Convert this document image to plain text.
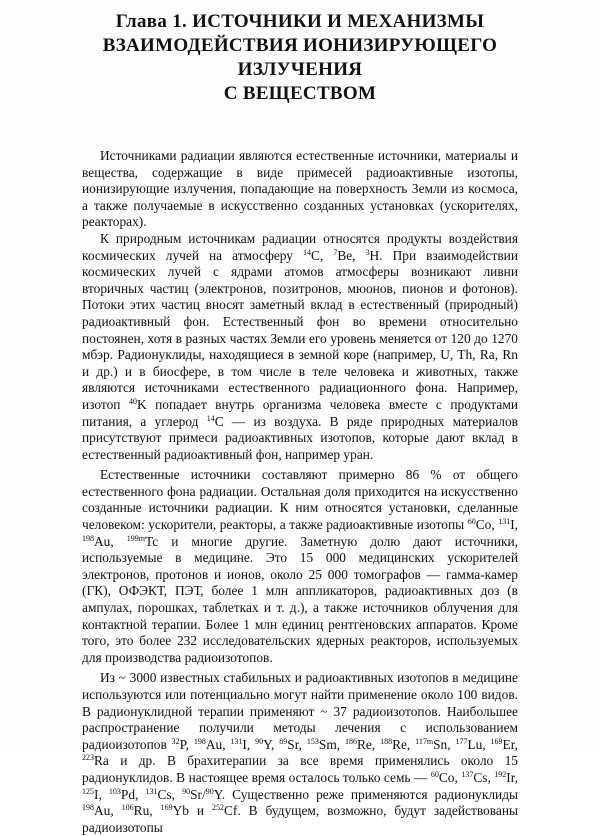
Глава 1. ИСТОЧНИКИ И МЕХАНИЗМЫ
ВЗАИМОДЕЙСТВИЯ ИОНИЗИРУЮЩЕГО ИЗЛУЧЕНИЯ
С ВЕЩЕСТВОМ

Источниками радиации являются естественные источники, материалы и вещества, содержащие в виде примесей радиоактивные изотопы, ионизирующие излучения, попадающие на поверхность Земли из космоса, а также получаемые в искусственно созданных установках (ускорителях, реакторах).

К природным источникам радиации относятся продукты воздействия космических лучей на атмосферу $^{14}$C, $^7$Be, $^3$H. При взаимодействии космических лучей с ядрами атомов атмосферы возникают ливни вторичных частиц (электронов, позитронов, мюонов, пионов и фотонов). Потоки этих частиц вносят заметный вклад в естественный (природный) радиоактивный фон. Естественный фон во времени относительно постоянен, хотя в разных частях Земли его уровень меняется от 120 до 1270 мбэр. Радионуклиды, находящиеся в земной коре (например, U, Th, Ra, Rn и др.) и в биосфере, в том числе в теле человека и животных, также являются источниками естественного радиационного фона. Например, изотоп $^{40}$K попадает внутрь организма человека вместе с продуктами питания, а углерод $^{14}$C — из воздуха. В ряде природных материалов присутствуют примеси радиоактивных изотопов, которые дают вклад в естественный радиоактивный фон, например уран.

Естественные источники составляют примерно 86 % от общего естественного фона радиации. Остальная доля приходится на искусственно созданные источники радиации. К ним относятся установки, сделанные человеком: ускорители, реакторы, а также радиоактивные изотопы $^{60}$Co, $^{131}$I, $^{198}$Au, $^{199m}$Tc и многие другие. Заметную долю дают источники, используемые в медицине. Это 15 000 медицинских ускорителей электронов, протонов и ионов, около 25 000 томографов — гамма-камер (ГК), ОФЭКТ, ПЭТ, более 1 млн аппликаторов, радиоактивных доз (в ампулах, порошках, таблетках и т. д.), а также источников облучения для контактной терапии. Более 1 млн единиц рентгеновских аппаратов. Кроме того, это более 232 исследовательских ядерных реакторов, используемых для производства радиоизотопов.

Из ~ 3000 известных стабильных и радиоактивных изотопов в медицине используются или потенциально могут найти применение около 100 видов. В радионуклидной терапии применяют ~ 37 радиоизотопов. Наибольшее распространение получили методы лечения с использованием радиоизотопов $^{32}$P, $^{198}$Au, $^{131}$I, $^{90}$Y, $^{89}$Sr, $^{153}$Sm, $^{186}$Re, $^{188}$Re, $^{117m}$Sn, $^{177}$Lu, $^{169}$Er, $^{223}$Ra и др. В брахитерапии за все время применялись около 15 радионуклидов. В настоящее время осталось только семь — $^{60}$Co, $^{137}$Cs, $^{192}$Ir, $^{125}$I, $^{103}$Pd, $^{131}$Cs, $^{90}$Sr/$^{90}$Y. Существенно реже применяются радионуклиды $^{198}$Au, $^{106}$Ru, $^{169}$Yb и $^{252}$Cf. В будущем, возможно, будут задействованы радиоизотопы
